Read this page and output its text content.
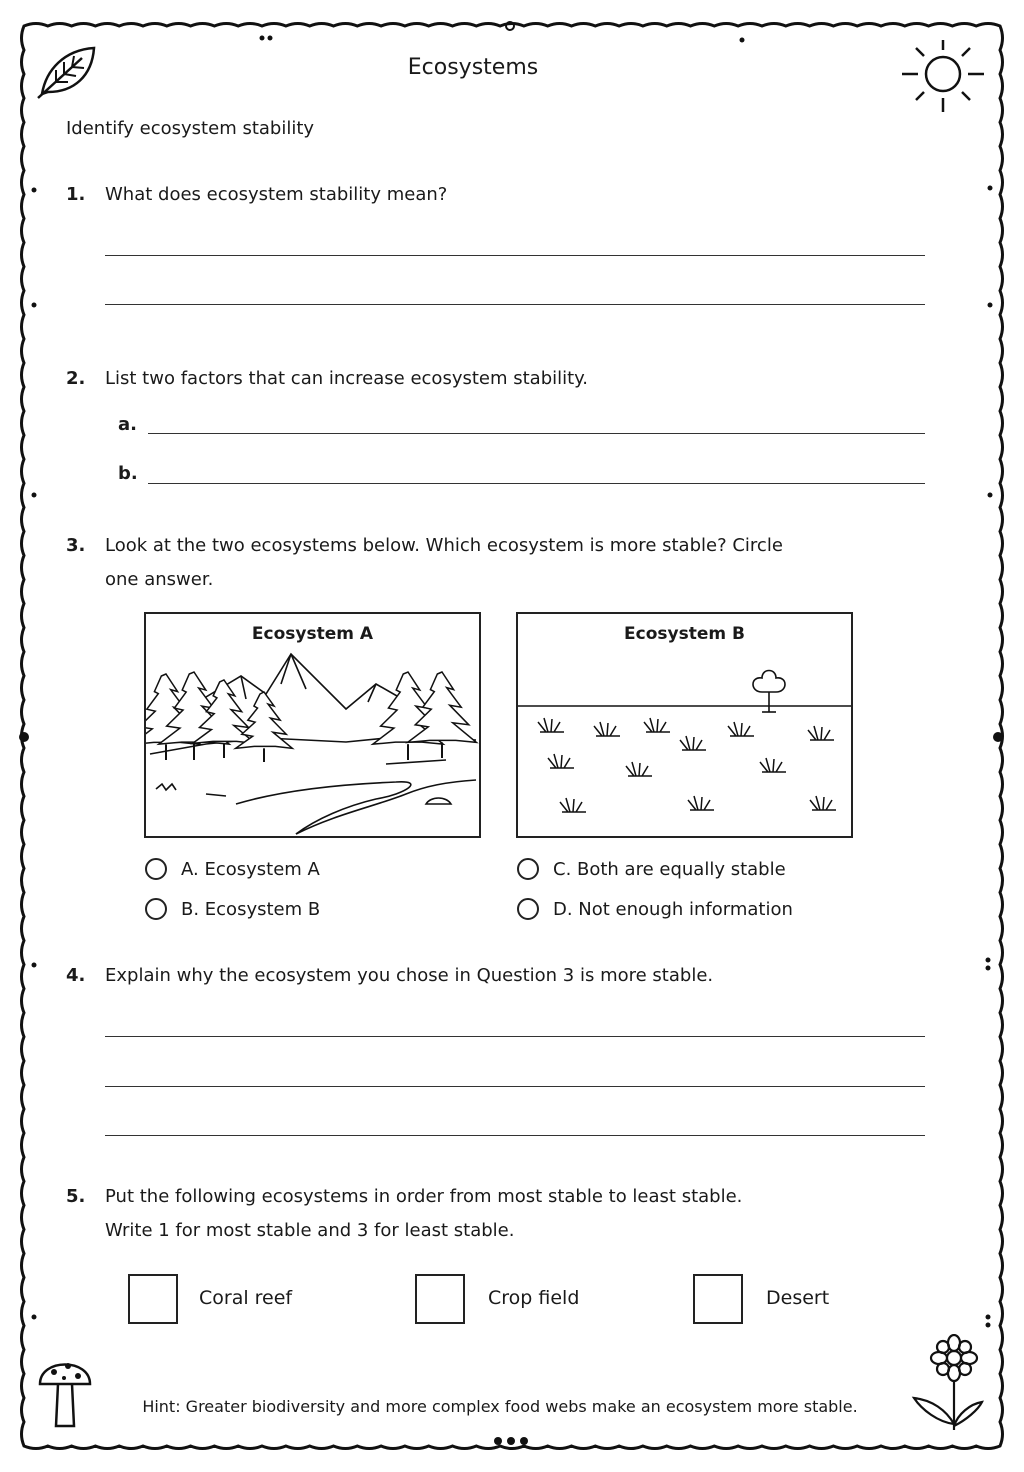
Ecosystems
Identify ecosystem stability
1. What does ecosystem stability mean?
2. List two factors that can increase ecosystem stability.
a.
b.
3. Look at the two ecosystems below. Which ecosystem is more stable? Circle
one answer.
Ecosystem A	Ecosystem B
A. Ecosystem A
B. Ecosystem B
C. Both are equally stable
D. Not enough information
4. Explain why the ecosystem you chose in Question 3 is more stable.
5. Put the following ecosystems in order from most stable to least stable.
Write 1 for most stable and 3 for least stable.
Coral reef	Crop field	Desert
Hint: Greater biodiversity and more complex food webs make an ecosystem more stable.
